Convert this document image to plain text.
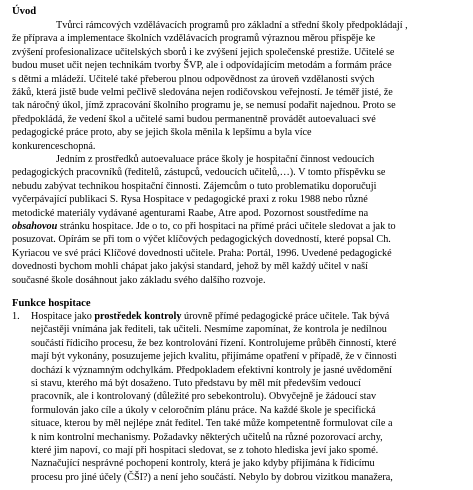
Úvod
Tvůrci rámcových vzdělávacích programů pro základní a střední školy předpokládají ,
že příprava a implementace školních vzdělávacích programů výraznou měrou přispěje ke
zvýšení profesionalizace učitelských sborů i ke zvýšení jejich společenské prestiže. Učitelé se
budou muset učit nejen technikám tvorby ŠVP, ale i odpovídajícím metodám a formám práce
s dětmi a mládeží. Učitelé také přeberou plnou odpovědnost za úroveň vzdělanosti svých
žáků, která jistě bude velmi pečlivě sledována nejen rodičovskou veřejností. Je téměř jisté, že
tak náročný úkol, jímž zpracování školního programu je, se nemusí podařit najednou. Proto se
předpokládá, že vedení škol a učitelé sami budou permanentně provádět autoevaluaci své
pedagogické práce proto, aby se jejich škola měnila k lepšímu a byla více
konkurenceschopná.
Jedním z prostředků autoevaluace práce školy je hospitační činnost vedoucích
pedagogických pracovníků (ředitelů, zástupců, vedoucích učitelů,…). V tomto příspěvku se
nebudu zabývat technikou hospitační činnosti. Zájemcům o tuto problematiku doporučuji
vyčerpávající publikaci S. Rysa Hospitace v pedagogické praxi z roku 1988 nebo různé
metodické materiály vydávané agenturami Raabe, Atre apod. Pozornost soustředíme na
obsahovou stránku hospitace. Jde o to, co při hospitaci na přímé práci učitele sledovat a jak to
posuzovat. Opírám se při tom o výčet klíčových pedagogických dovedností, které popsal Ch.
Kyriacou ve své práci Klíčové dovednosti učitele. Praha: Portál, 1996. Uvedené pedagogické
dovednosti bychom mohli chápat jako jakýsi standard, jehož by měl každý učitel v naší
současné škole dosáhnout jako základu svého dalšího rozvoje.
Funkce hospitace
1. Hospitace jako prostředek kontroly úrovně přímé pedagogické práce učitele. Tak bývá
nejčastěji vnímána jak řediteli, tak učiteli. Nesmíme zapomínat, že kontrola je nedílnou
součástí řídicího procesu, že bez kontrolování řízení. Kontrolujeme průběh činností, které
mají být vykonány, posuzujeme jejich kvalitu, přijímáme opatření v případě, že v činnosti
dochází k významným odchylkám. Předpokladem efektivní kontroly je jasné uvědomění
si stavu, kterého má být dosaženo. Tuto představu by měl mít především vedoucí
pracovník, ale i kontrolovaný (důležité pro sebekontrolu). Obvyčejně je žádoucí stav
formulován jako cíle a úkoly v celoročním plánu práce. Na každé škole je specifická
situace, kterou by měl nejlépe znát ředitel. Ten také může kompetentně formulovat cíle a
k nim kontrolní mechanismy. Požadavky některých učitelů na různé pozorovací archy,
které jim napoví, co mají při hospitaci sledovat, se z tohoto hlediska jeví jako spomé.
Naznačující nesprávné pochopení kontroly, která je jako kdyby přijímána k řídicímu
procesu pro jiné účely (ČŠI?) a není jeho součástí. Nebylo by dobrou vizitkou manažera,
